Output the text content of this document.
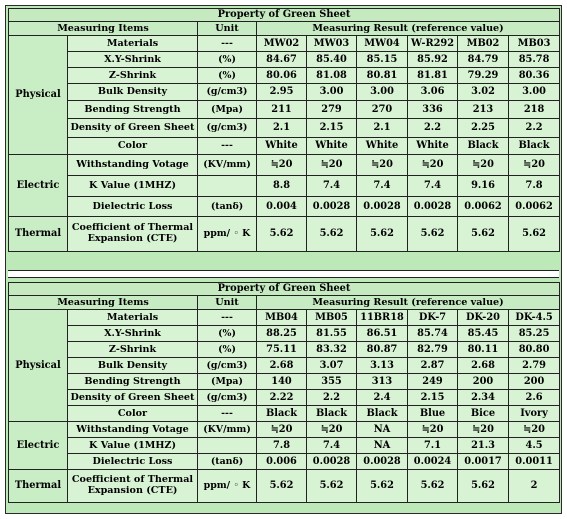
Property of Green Sheet								
Measuring Items		Unit	Measuring Result (reference value)					
Physical	Materials	---	MW02	MW03	MW04	W-R292	MB02	MB03
	X.Y-Shrink	(%)	84.67	85.40	85.15	85.92	84.79	85.78
	Z-Shrink	(%)	80.06	81.08	80.81	81.81	79.29	80.36
	Bulk Density	(g/cm3)	2.95	3.00	3.00	3.06	3.02	3.00
	Bending Strength	(Mpa)	211	279	270	336	213	218
	Density of Green Sheet	(g/cm3)	2.1	2.15	2.1	2.2	2.25	2.2
	Color	---	White	White	White	White	Black	Black
Electric	Withstanding Votage	(KV/mm)	≒20	≒20	≒20	≒20	≒20	≒20
	K Value (1MHZ)		8.8	7.4	7.4	7.4	9.16	7.8
	Dielectric Loss	(tanδ)	0.004	0.0028	0.0028	0.0028	0.0062	0.0062
Thermal	Coefficient of Thermal Expansion (CTE)	ppm/ ◦ K	5.62	5.62	5.62	5.62	5.62	5.62
Property of Green Sheet								
Measuring Items		Unit	Measuring Result (reference value)					
Physical	Materials	---	MB04	MB05	11BR18	DK-7	DK-20	DK-4.5
	X.Y-Shrink	(%)	88.25	81.55	86.51	85.74	85.45	85.25
	Z-Shrink	(%)	75.11	83.32	80.87	82.79	80.11	80.80
	Bulk Density	(g/cm3)	2.68	3.07	3.13	2.87	2.68	2.79
	Bending Strength	(Mpa)	140	355	313	249	200	200
	Density of Green Sheet	(g/cm3)	2.22	2.2	2.4	2.15	2.34	2.6
	Color	---	Black	Black	Black	Blue	Bice	Ivory
Electric	Withstanding Votage	(KV/mm)	≒20	≒20	NA	≒20	≒20	≒20
	K Value (1MHZ)		7.8	7.4	NA	7.1	21.3	4.5
	Dielectric Loss	(tanδ)	0.006	0.0028	0.0028	0.0024	0.0017	0.0011
Thermal	Coefficient of Thermal Expansion (CTE)	ppm/ ◦ K	5.62	5.62	5.62	5.62	5.62	2
